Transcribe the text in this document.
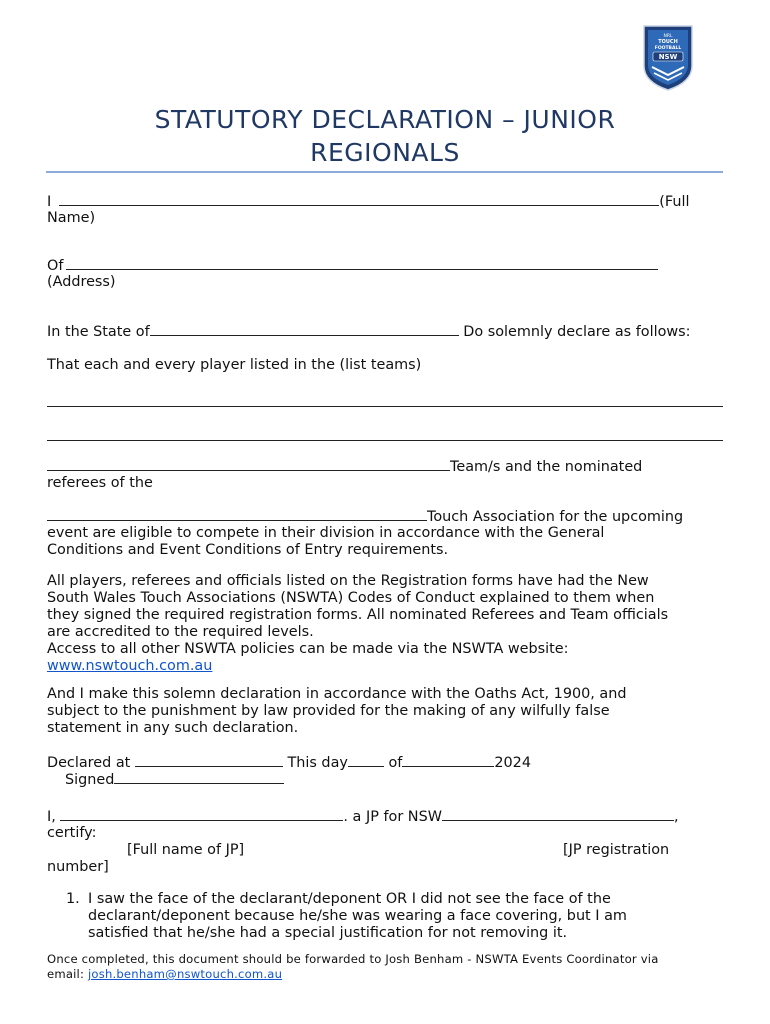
NRL
TOUCH
FOOTBALL
NSW
STATUTORY DECLARATION – JUNIOR
REGIONALS
I	(Full
Name)
Of
(Address)
In the State of	Do solemnly declare as follows:
That each and every player listed in the (list teams)
Team/s and the nominated
referees of the
Touch Association for the upcoming
event are eligible to compete in their division in accordance with the General
Conditions and Event Conditions of Entry requirements.
All players, referees and officials listed on the Registration forms have had the New
South Wales Touch Associations (NSWTA) Codes of Conduct explained to them when
they signed the required registration forms. All nominated Referees and Team officials
are accredited to the required levels.
Access to all other NSWTA policies can be made via the NSWTA website:
www.nswtouch.com.au
And I make this solemn declaration in accordance with the Oaths Act, 1900, and
subject to the punishment by law provided for the making of any wilfully false
statement in any such declaration.
Declared at	This day	of	2024
Signed
I,	. a JP for NSW	,
certify:
[Full name of JP]	[JP registration
number]
1. I saw the face of the declarant/deponent OR I did not see the face of the
declarant/deponent because he/she was wearing a face covering, but I am
satisfied that he/she had a special justification for not removing it.
Once completed, this document should be forwarded to Josh Benham - NSWTA Events Coordinator via
email: josh.benham@nswtouch.com.au
